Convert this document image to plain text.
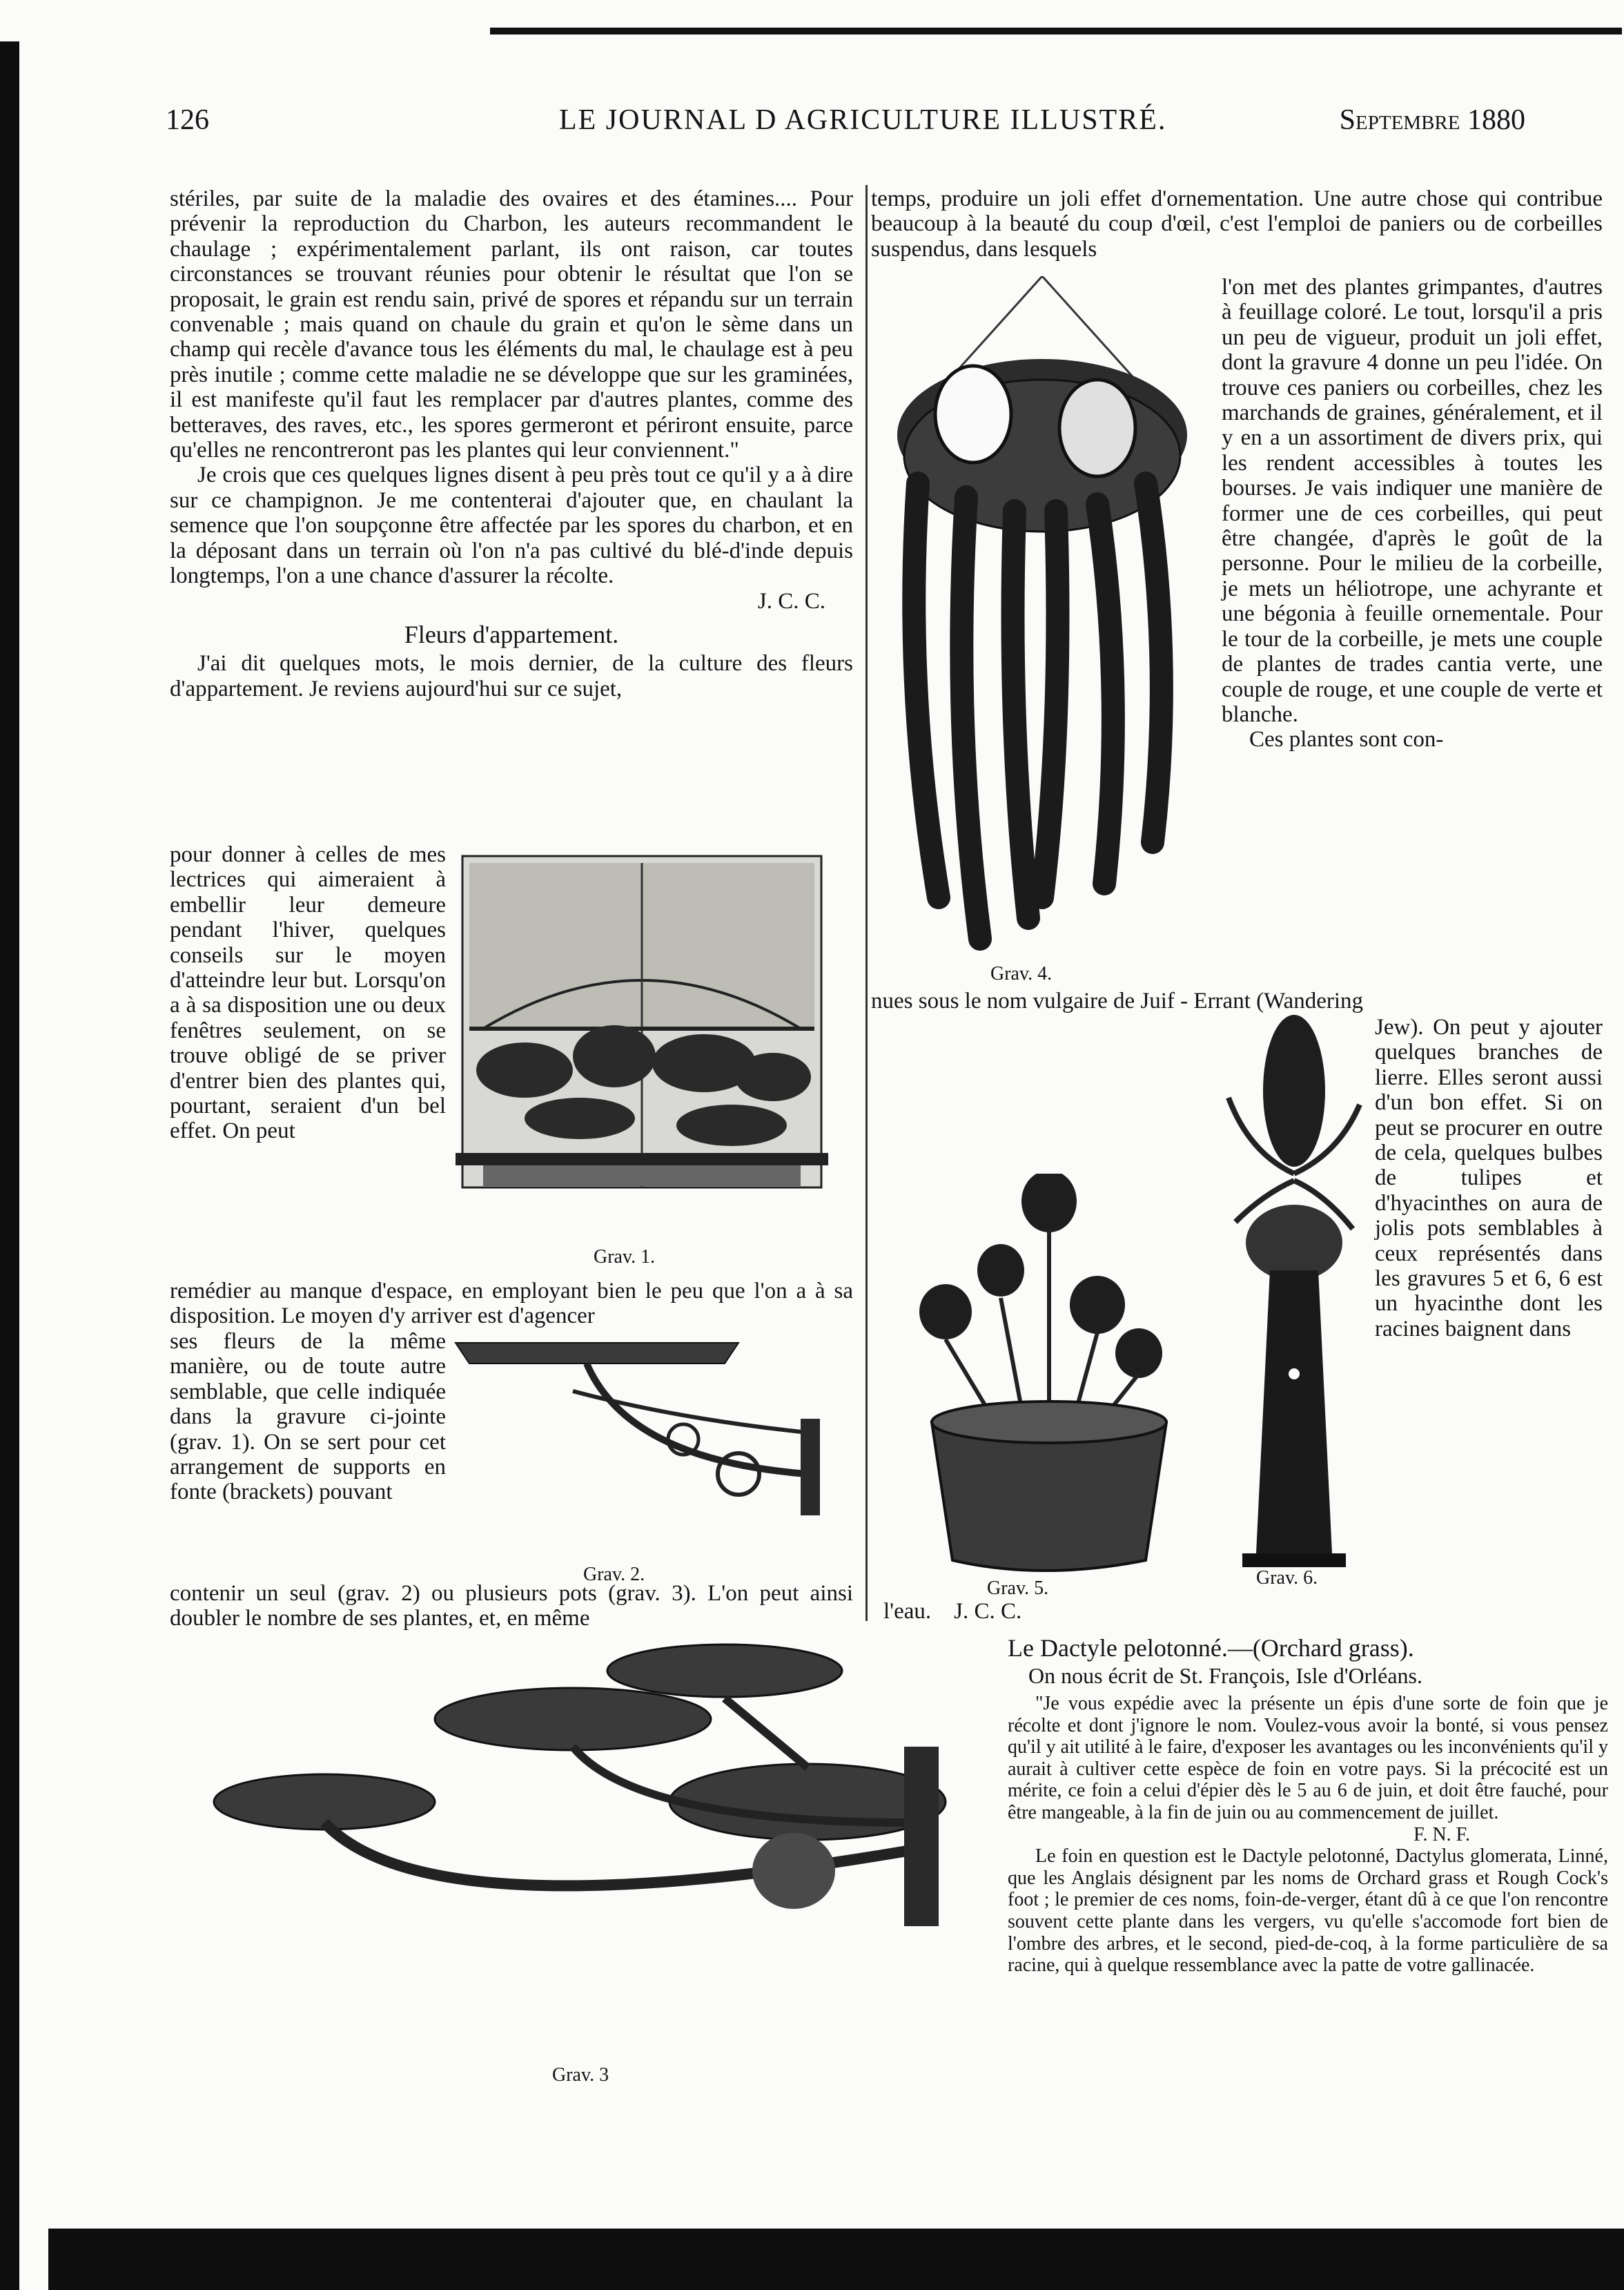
126	LE JOURNAL D AGRICULTURE ILLUSTRÉ.	Septembre 1880

stériles, par suite de la maladie des ovaires et des étamines.... Pour prévenir la reproduction du Charbon, les auteurs recommandent le chaulage ; expérimentalement parlant, ils ont raison, car toutes circonstances se trouvant réunies pour obtenir le résultat que l'on se proposait, le grain est rendu sain, privé de spores et répandu sur un terrain convenable ; mais quand on chaule du grain et qu'on le sème dans un champ qui recèle d'avance tous les éléments du mal, le chaulage est à peu près inutile ; comme cette maladie ne se développe que sur les graminées, il est manifeste qu'il faut les remplacer par d'autres plantes, comme des betteraves, des raves, etc., les spores germeront et périront ensuite, parce qu'elles ne rencontreront pas les plantes qui leur conviennent."

Je crois que ces quelques lignes disent à peu près tout ce qu'il y a à dire sur ce champignon. Je me contenterai d'ajouter que, en chaulant la semence que l'on soupçonne être affectée par les spores du charbon, et en la déposant dans un terrain où l'on n'a pas cultivé du blé-d'inde depuis longtemps, l'on a une chance d'assurer la récolte.

J. C. C.

Fleurs d'appartement.

J'ai dit quelques mots, le mois dernier, de la culture des fleurs d'appartement. Je reviens aujourd'hui sur ce sujet,

pour donner à celles de mes lectrices qui aimeraient à embellir leur demeure pendant l'hiver, quelques conseils sur le moyen d'atteindre leur but. Lorsqu'on a à sa disposition une ou deux fenêtres seulement, on se trouve obligé de se priver d'entrer bien des plantes qui, pourtant, seraient d'un bel effet. On peut

Grav. 1.

remédier au manque d'espace, en employant bien le peu que l'on a à sa disposition. Le moyen d'y arriver est d'agencer

ses fleurs de la même manière, ou de toute autre semblable, que celle indiquée dans la gravure ci-jointe (grav. 1). On se sert pour cet arrangement de supports en fonte (brackets) pouvant

Grav. 2.

contenir un seul (grav. 2) ou plusieurs pots (grav. 3). L'on peut ainsi doubler le nombre de ses plantes, et, en même

Grav. 3

temps, produire un joli effet d'ornementation. Une autre chose qui contribue beaucoup à la beauté du coup d'œil, c'est l'emploi de paniers ou de corbeilles suspendus, dans lesquels

Grav. 4.

l'on met des plantes grimpantes, d'autres à feuillage coloré. Le tout, lorsqu'il a pris un peu de vigueur, produit un joli effet, dont la gravure 4 donne un peu l'idée. On trouve ces paniers ou corbeilles, chez les marchands de graines, généralement, et il y en a un assortiment de divers prix, qui les rendent accessibles à toutes les bourses. Je vais indiquer une manière de former une de ces corbeilles, qui peut être changée, d'après le goût de la personne. Pour le milieu de la corbeille, je mets un héliotrope, une achyrante et une bégonia à feuille ornementale. Pour le tour de la corbeille, je mets une couple de plantes de trades cantia verte, une couple de rouge, et une couple de verte et blanche.

Ces plantes sont con-

nues sous le nom vulgaire de Juif - Errant (Wandering

Jew). On peut y ajouter quelques branches de lierre. Elles seront aussi d'un bon effet. Si on peut se procurer en outre de cela, quelques bulbes de tulipes et d'hyacinthes on aura de jolis pots semblables à ceux représentés dans les gravures 5 et 6, 6 est un hyacinthe dont les racines baignent dans

Grav. 5.	Grav. 6.
l'eau. J. C. C.
Le Dactyle pelotonné.—(Orchard grass).

On nous écrit de St. François, Isle d'Orléans.

"Je vous expédie avec la présente un épis d'une sorte de foin que je récolte et dont j'ignore le nom. Voulez-vous avoir la bonté, si vous pensez qu'il y ait utilité à le faire, d'exposer les avantages ou les inconvénients qu'il y aurait à cultiver cette espèce de foin en votre pays. Si la précocité est un mérite, ce foin a celui d'épier dès le 5 au 6 de juin, et doit être fauché, pour être mangeable, à la fin de juin ou au commencement de juillet.

F. N. F.

Le foin en question est le Dactyle pelotonné, Dactylus glomerata, Linné, que les Anglais désignent par les noms de Orchard grass et Rough Cock's foot ; le premier de ces noms, foin-de-verger, étant dû à ce que l'on rencontre souvent cette plante dans les vergers, vu qu'elle s'accomode fort bien de l'ombre des arbres, et le second, pied-de-coq, à la forme particulière de sa racine, qui à quelque ressemblance avec la patte de votre gallinacée.
